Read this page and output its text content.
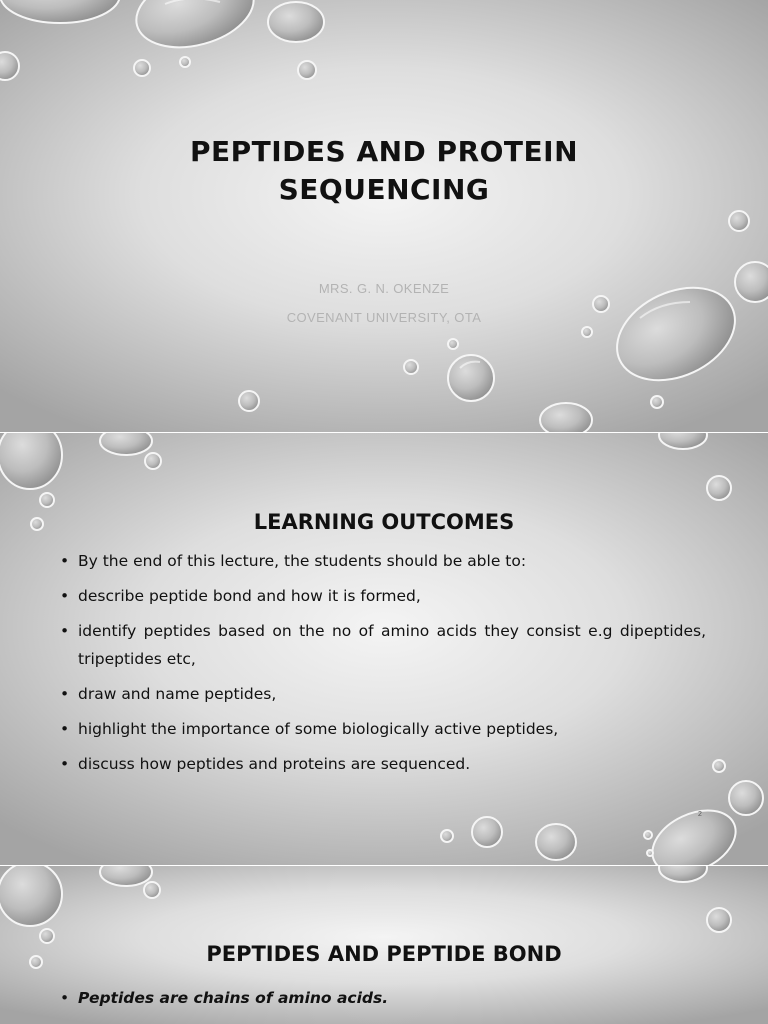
PEPTIDES AND PROTEIN SEQUENCING
MRS. G. N. OKENZE
COVENANT UNIVERSITY, OTA
LEARNING OUTCOMES
• By the end of this lecture, the students should be able to:
• describe peptide bond and how it is formed,
• identify peptides based on the no of amino acids they consist e.g dipeptides, tripeptides etc,
• draw and name peptides,
• highlight the importance of some biologically active peptides,
• discuss how peptides and proteins are sequenced.
2
PEPTIDES AND PEPTIDE BOND
• Peptides are chains of amino acids.
